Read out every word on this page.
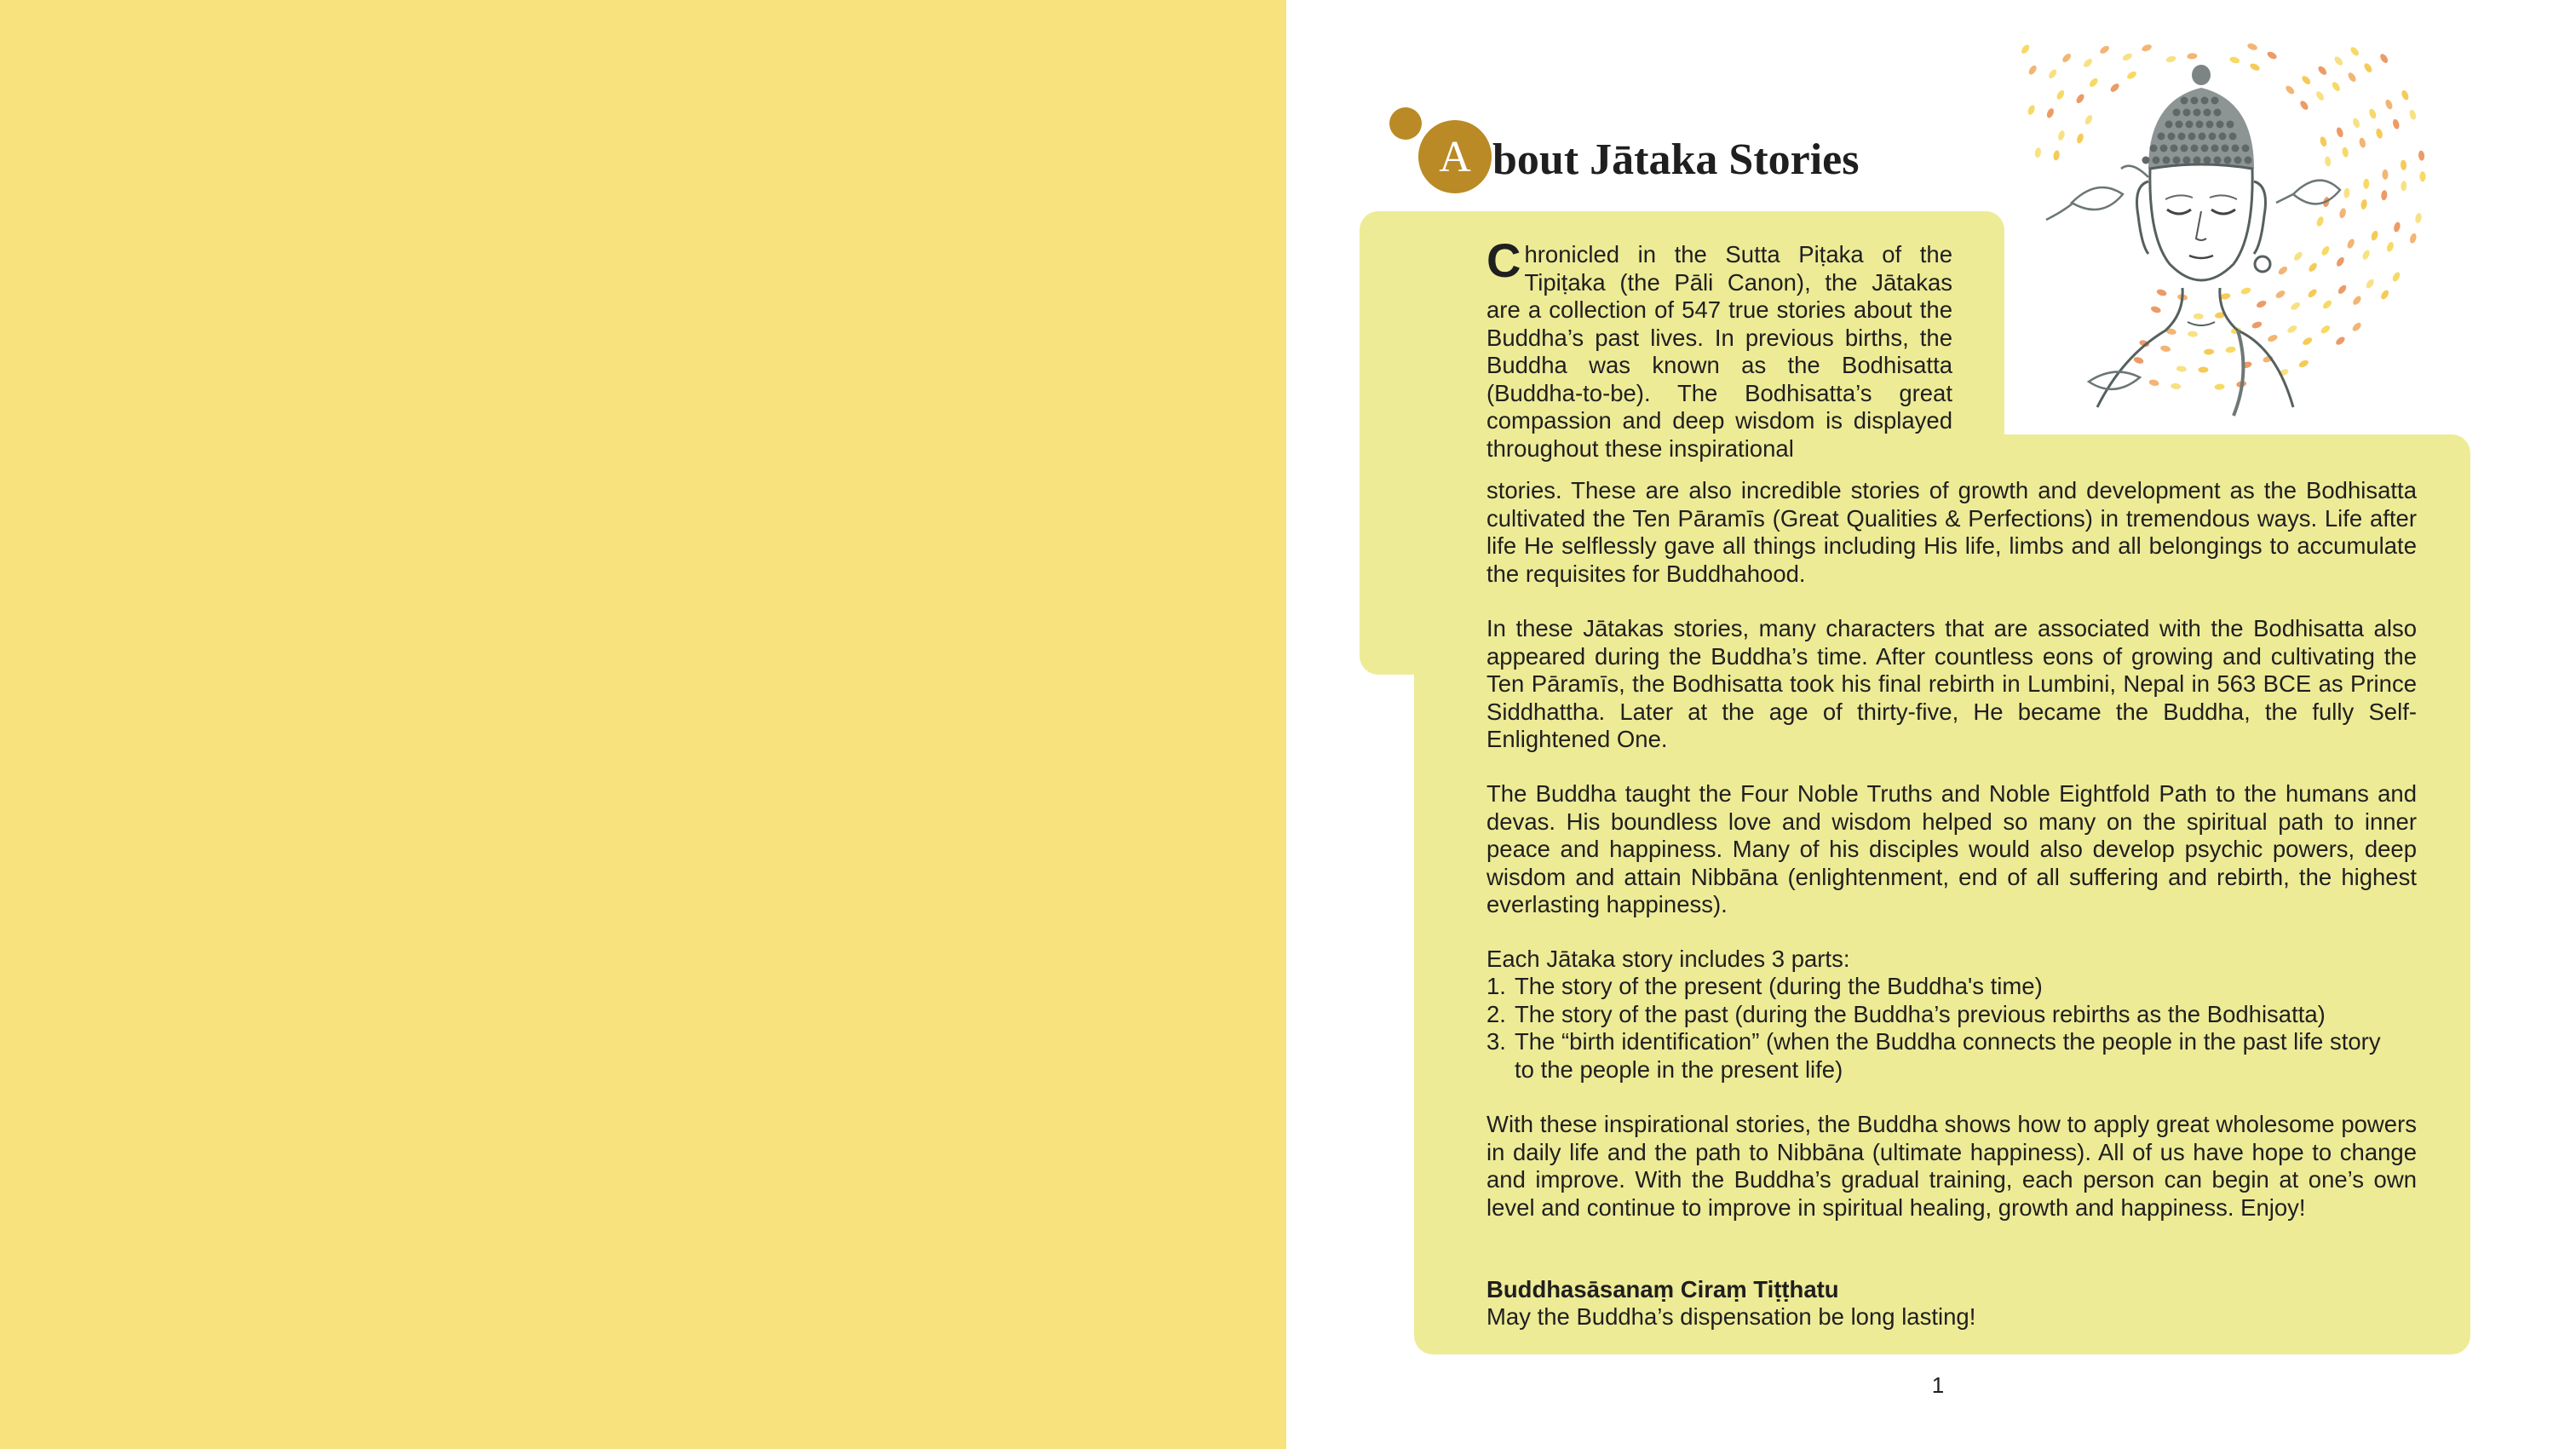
A bout Jātaka Stories

Chronicled in the Sutta Piṭaka of the Tipiṭaka (the Pāli Canon), the Jātakas are a collection of 547 true stories about the Buddha’s past lives. In previous births, the Buddha was known as the Bodhisatta (Buddha-to-be). The Bodhisatta’s great compassion and deep wisdom is displayed throughout these inspirational

stories. These are also incredible stories of growth and development as the Bodhisatta cultivated the Ten Pāramīs (Great Qualities & Perfections) in tremendous ways. Life after life He selflessly gave all things including His life, limbs and all belongings to accumulate the requisites for Buddhahood.

In these Jātakas stories, many characters that are associated with the Bodhisatta also appeared during the Buddha’s time. After countless eons of growing and cultivating the Ten Pāramīs, the Bodhisatta took his final rebirth in Lumbini, Nepal in 563 BCE as Prince Siddhattha. Later at the age of thirty-five, He became the Buddha, the fully Self-Enlightened One.

The Buddha taught the Four Noble Truths and Noble Eightfold Path to the humans and devas. His boundless love and wisdom helped so many on the spiritual path to inner peace and happiness. Many of his disciples would also develop psychic powers, deep wisdom and attain Nibbāna (enlightenment, end of all suffering and rebirth, the highest everlasting happiness).

Each Jātaka story includes 3 parts:

1. The story of the present (during the Buddha's time)
2. The story of the past (during the Buddha’s previous rebirths as the Bodhisatta)
3. The “birth identification” (when the Buddha connects the people in the past life story to the people in the present life)

With these inspirational stories, the Buddha shows how to apply great wholesome powers in daily life and the path to Nibbāna (ultimate happiness). All of us have hope to change and improve. With the Buddha’s gradual training, each person can begin at one’s own level and continue to improve in spiritual healing, growth and happiness. Enjoy!

Buddhasāsanaṃ Ciraṃ Tiṭṭhatu

May the Buddha’s dispensation be long lasting!

1
